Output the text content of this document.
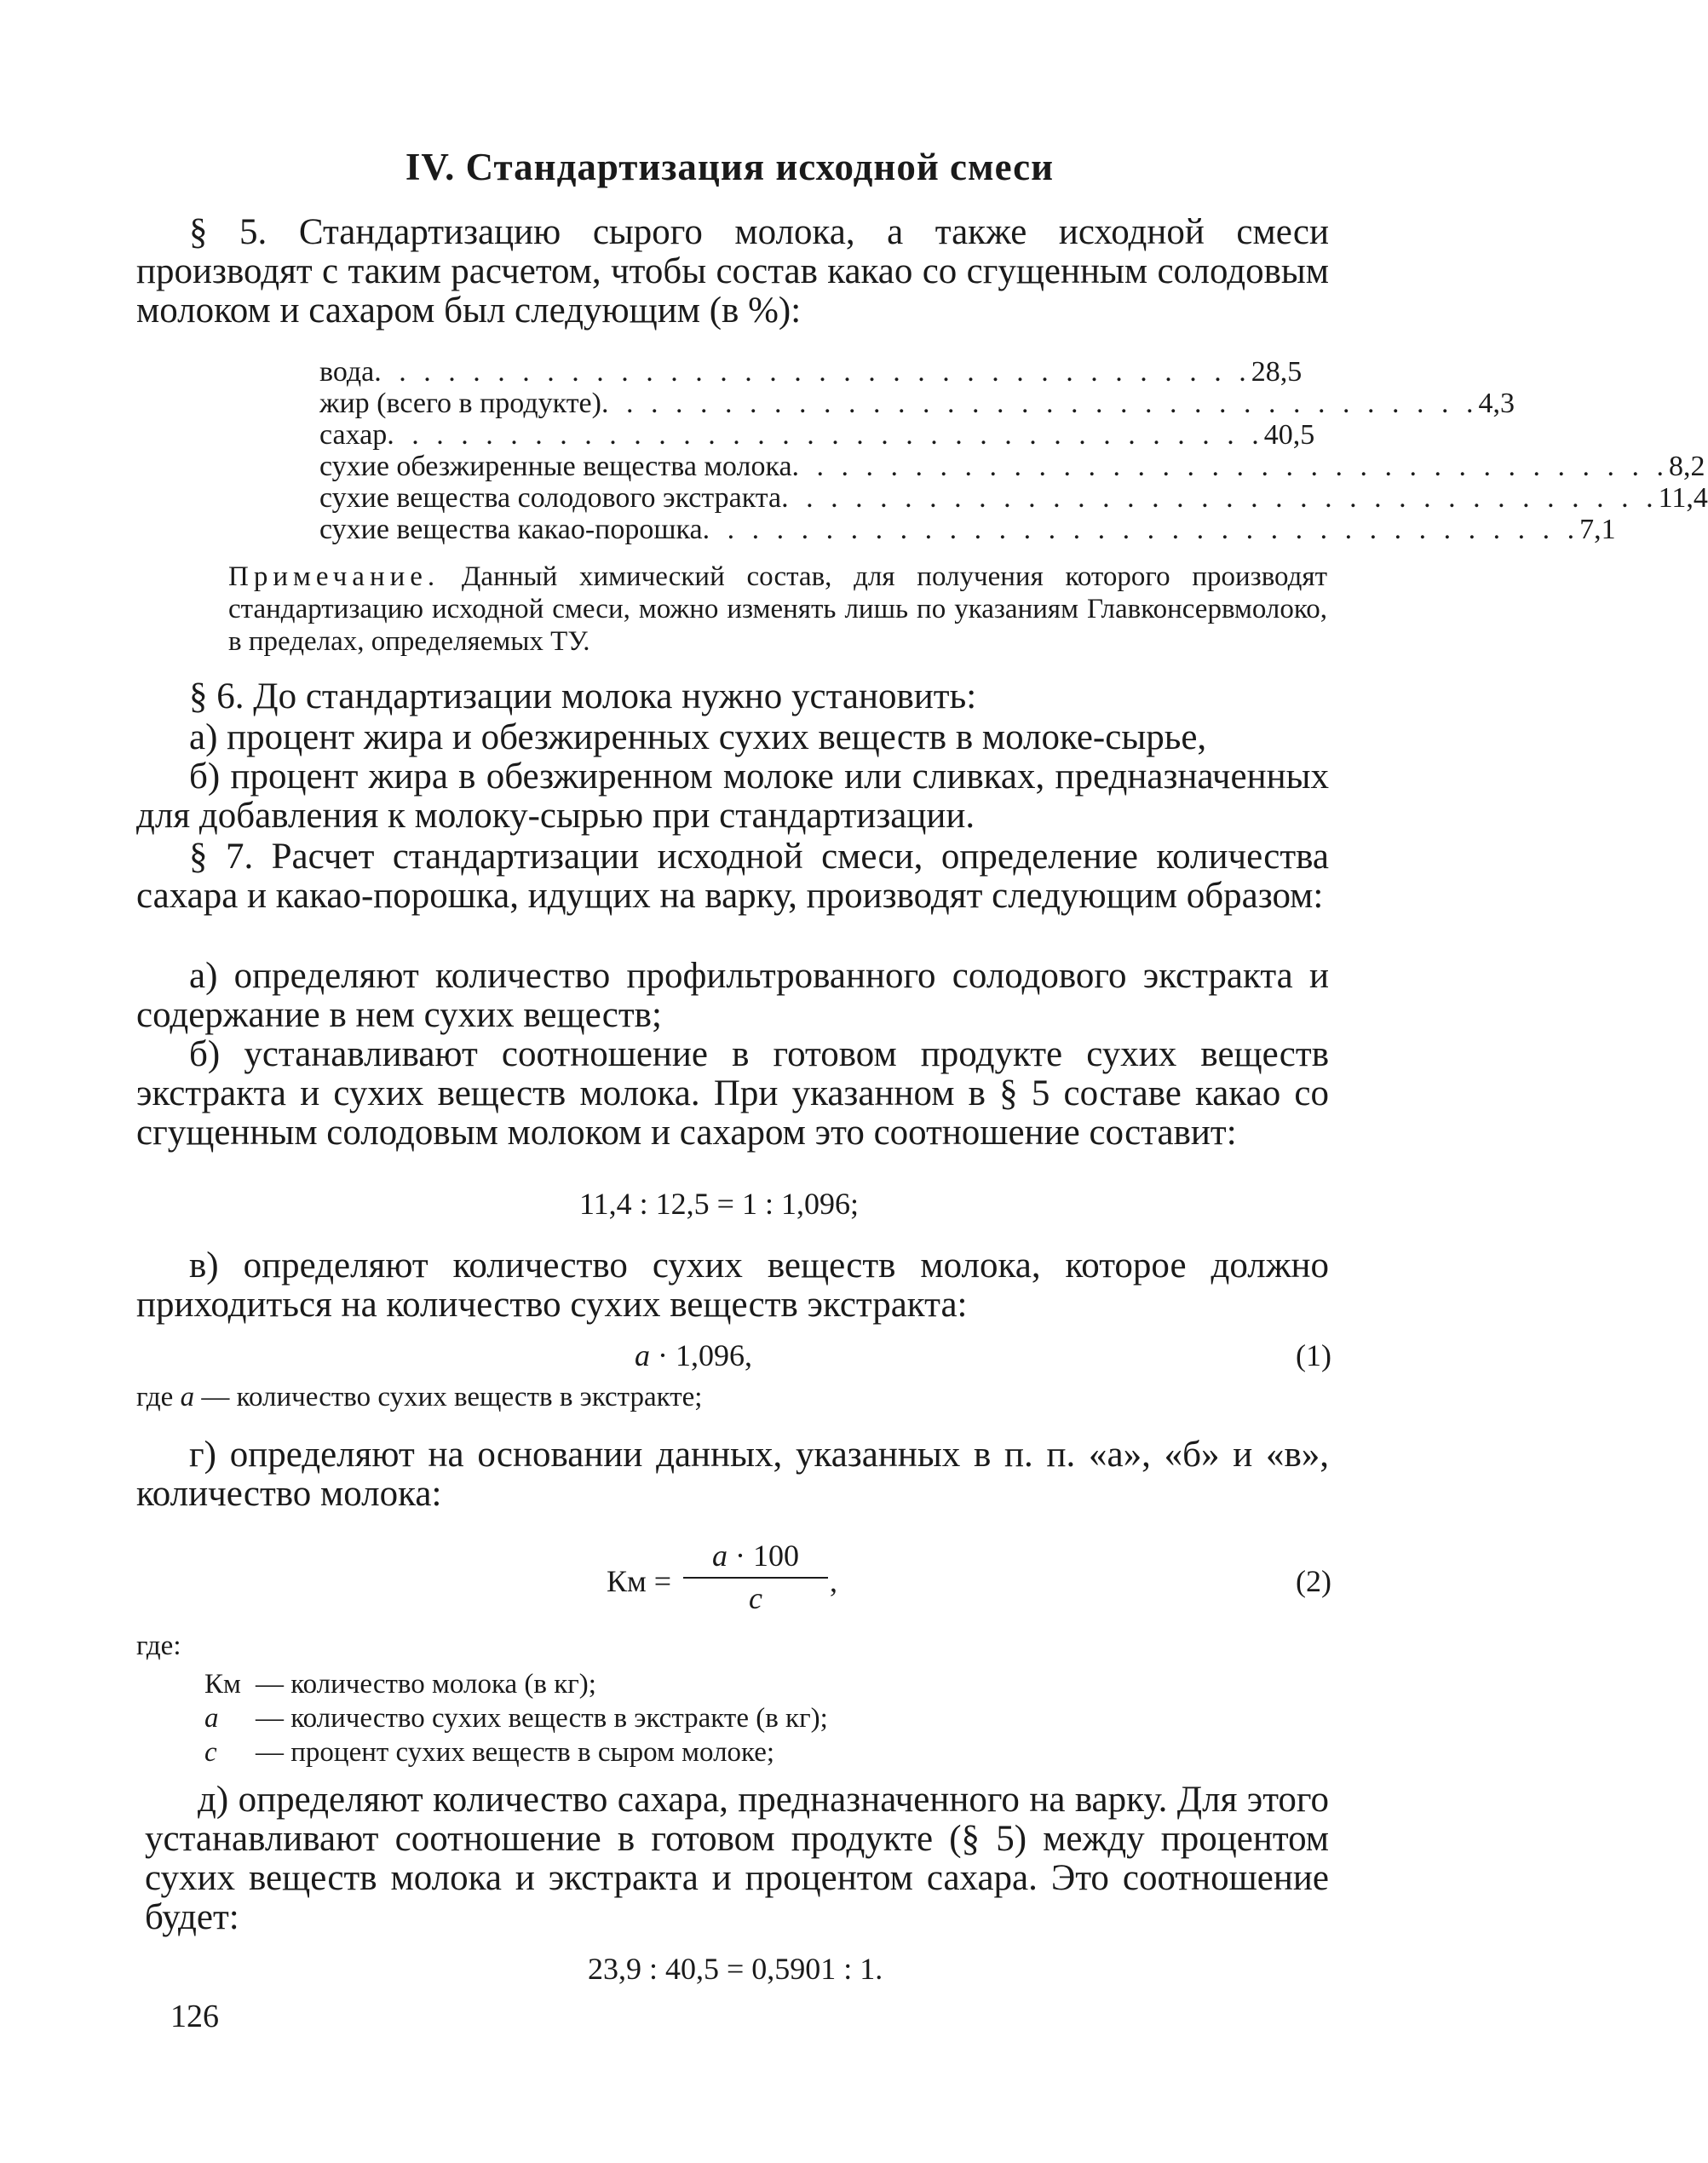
IV. Стандартизация исходной смеси
§ 5. Стандартизацию сырого молока, а также исходной смеси производят с таким расчетом, чтобы состав какао со сгущенным солодовым молоком и сахаром был следующим (в %):
вода . . . . . . . . . . . . . . . . . . . . . . . . . . . . . . . . . . . . 28,5
жир (всего в продукте) . . . . . . . . . . . . . . . . . . . . . . . . . . . . . . . . . . . . 4,3
сахар . . . . . . . . . . . . . . . . . . . . . . . . . . . . . . . . . . . . 40,5
сухие обезжиренные вещества молока . . . . . . . . . . . . . . . . . . . . . . . . . . . . . . . . . . . . 8,2
сухие вещества солодового экстракта . . . . . . . . . . . . . . . . . . . . . . . . . . . . . . . . . . . . 11,4
сухие вещества какао-порошка . . . . . . . . . . . . . . . . . . . . . . . . . . . . . . . . . . . . 7,1
Примечание. Данный химический состав, для получения которого производят стандартизацию исходной смеси, можно изменять лишь по указаниям Главконсервмолоко, в пределах, определяемых ТУ.
§ 6. До стандартизации молока нужно установить:
а) процент жира и обезжиренных сухих веществ в молоке-сырье,
б) процент жира в обезжиренном молоке или сливках, предназначенных для добавления к молоку-сырью при стандартизации.
§ 7. Расчет стандартизации исходной смеси, определение количества сахара и какао-порошка, идущих на варку, производят следующим образом:
а) определяют количество профильтрованного солодового экстракта и содержание в нем сухих веществ;
б) устанавливают соотношение в готовом продукте сухих веществ экстракта и сухих веществ молока. При указанном в § 5 составе какао со сгущенным солодовым молоком и сахаром это соотношение составит:
11,4 : 12,5 = 1 : 1,096;
в) определяют количество сухих веществ молока, которое должно приходиться на количество сухих веществ экстракта:
a · 1,096,	(1)
где a — количество сухих веществ в экстракте;
г) определяют на основании данных, указанных в п. п. «а», «б» и «в», количество молока:
Км = $\frac{a \cdot 100}{c}$ ,	(2)
где:
Км — количество молока (в кг);
a — количество сухих веществ в экстракте (в кг);
c — процент сухих веществ в сыром молоке;
д) определяют количество сахара, предназначенного на варку. Для этого устанавливают соотношение в готовом продукте (§ 5) между процентом сухих веществ молока и экстракта и процентом сахара. Это соотношение будет:
23,9 : 40,5 = 0,5901 : 1.
126
